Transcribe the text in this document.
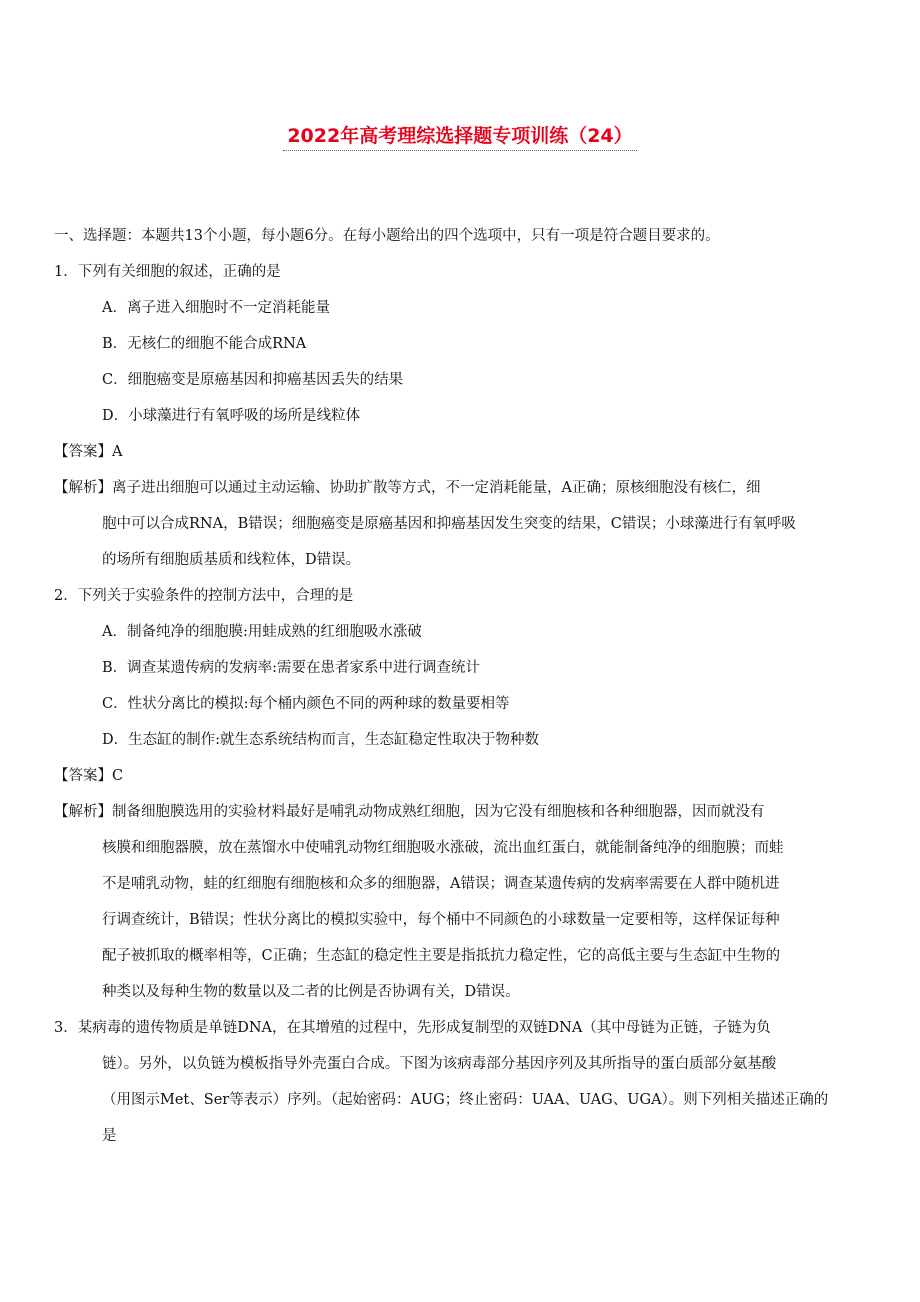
2022年高考理综选择题专项训练（24）
一、选择题：本题共13个小题，每小题6分。在每小题给出的四个选项中，只有一项是符合题目要求的。
1．下列有关细胞的叙述，正确的是
A．离子进入细胞时不一定消耗能量
B．无核仁的细胞不能合成RNA
C．细胞癌变是原癌基因和抑癌基因丢失的结果
D．小球藻进行有氧呼吸的场所是线粒体
【答案】A
【解析】离子进出细胞可以通过主动运输、协助扩散等方式，不一定消耗能量，A正确；原核细胞没有核仁，细
胞中可以合成RNA，B错误；细胞癌变是原癌基因和抑癌基因发生突变的结果，C错误；小球藻进行有氧呼吸
的场所有细胞质基质和线粒体，D错误。
2．下列关于实验条件的控制方法中，合理的是
A．制备纯净的细胞膜:用蛙成熟的红细胞吸水涨破
B．调查某遗传病的发病率:需要在患者家系中进行调查统计
C．性状分离比的模拟:每个桶内颜色不同的两种球的数量要相等
D．生态缸的制作:就生态系统结构而言，生态缸稳定性取决于物种数
【答案】C
【解析】制备细胞膜选用的实验材料最好是哺乳动物成熟红细胞，因为它没有细胞核和各种细胞器，因而就没有
核膜和细胞器膜，放在蒸馏水中使哺乳动物红细胞吸水涨破，流出血红蛋白，就能制备纯净的细胞膜；而蛙
不是哺乳动物，蛙的红细胞有细胞核和众多的细胞器，A错误；调查某遗传病的发病率需要在人群中随机进
行调查统计，B错误；性状分离比的模拟实验中，每个桶中不同颜色的小球数量一定要相等，这样保证每种
配子被抓取的概率相等，C正确；生态缸的稳定性主要是指抵抗力稳定性，它的高低主要与生态缸中生物的
种类以及每种生物的数量以及二者的比例是否协调有关，D错误。
3．某病毒的遗传物质是单链DNA，在其增殖的过程中，先形成复制型的双链DNA（其中母链为正链，子链为负
链）。另外，以负链为模板指导外壳蛋白合成。下图为该病毒部分基因序列及其所指导的蛋白质部分氨基酸
（用图示Met、Ser等表示）序列。（起始密码：AUG；终止密码：UAA、UAG、UGA）。则下列相关描述正确的
是
